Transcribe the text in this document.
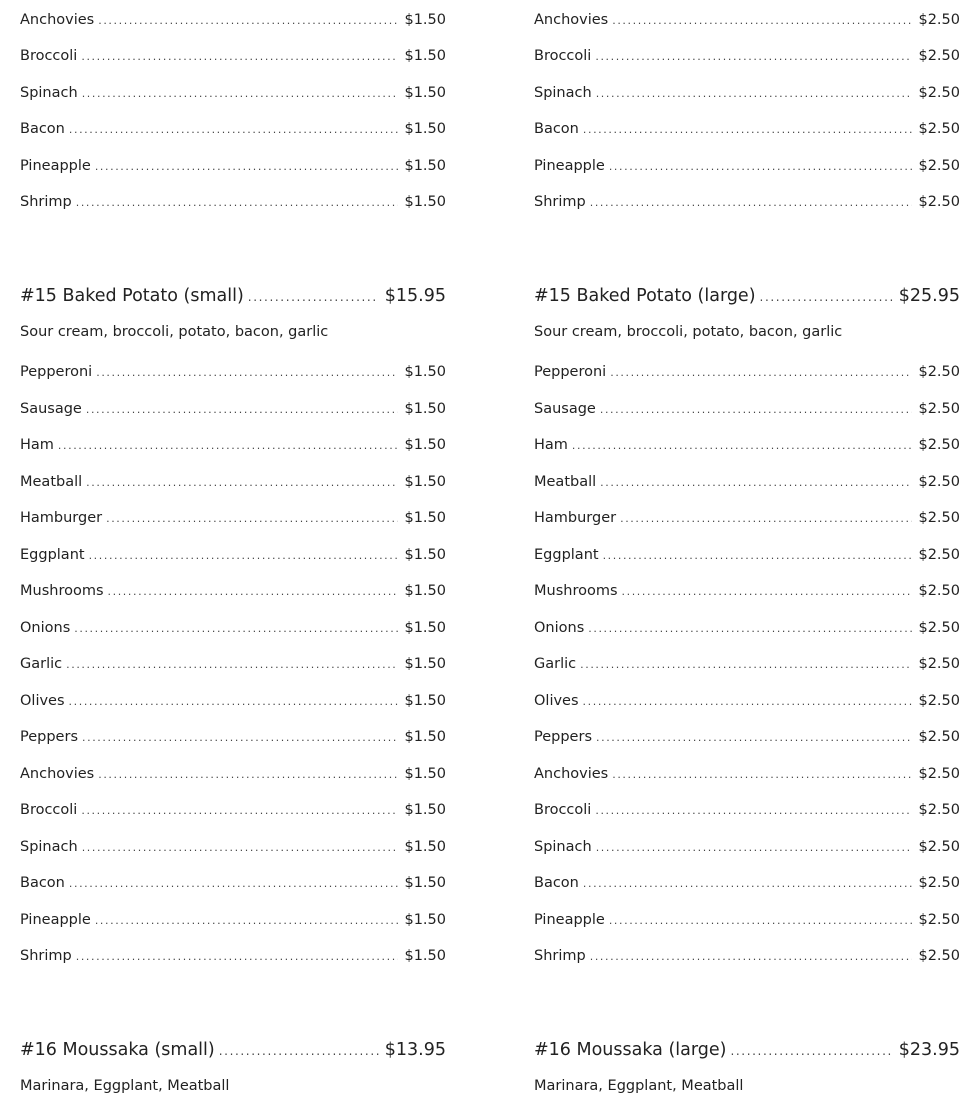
Anchovies .....	$1.50
Broccoli .....	$1.50
Spinach .....	$1.50
Bacon .....	$1.50
Pineapple .....	$1.50
Shrimp .....	$1.50
#15 Baked Potato (small) .....	$15.95
Sour cream, broccoli, potato, bacon, garlic
Pepperoni .....	$1.50
Sausage .....	$1.50
Ham .....	$1.50
Meatball .....	$1.50
Hamburger .....	$1.50
Eggplant .....	$1.50
Mushrooms .....	$1.50
Onions .....	$1.50
Garlic .....	$1.50
Olives .....	$1.50
Peppers .....	$1.50
Anchovies .....	$1.50
Broccoli .....	$1.50
Spinach .....	$1.50
Bacon .....	$1.50
Pineapple .....	$1.50
Shrimp .....	$1.50
#16 Moussaka (small) .....	$13.95
Marinara, Eggplant, Meatball
Anchovies .....	$2.50
Broccoli .....	$2.50
Spinach .....	$2.50
Bacon .....	$2.50
Pineapple .....	$2.50
Shrimp .....	$2.50
#15 Baked Potato (large) .....	$25.95
Sour cream, broccoli, potato, bacon, garlic
Pepperoni .....	$2.50
Sausage .....	$2.50
Ham .....	$2.50
Meatball .....	$2.50
Hamburger .....	$2.50
Eggplant .....	$2.50
Mushrooms .....	$2.50
Onions .....	$2.50
Garlic .....	$2.50
Olives .....	$2.50
Peppers .....	$2.50
Anchovies .....	$2.50
Broccoli .....	$2.50
Spinach .....	$2.50
Bacon .....	$2.50
Pineapple .....	$2.50
Shrimp .....	$2.50
#16 Moussaka (large) .....	$23.95
Marinara, Eggplant, Meatball
